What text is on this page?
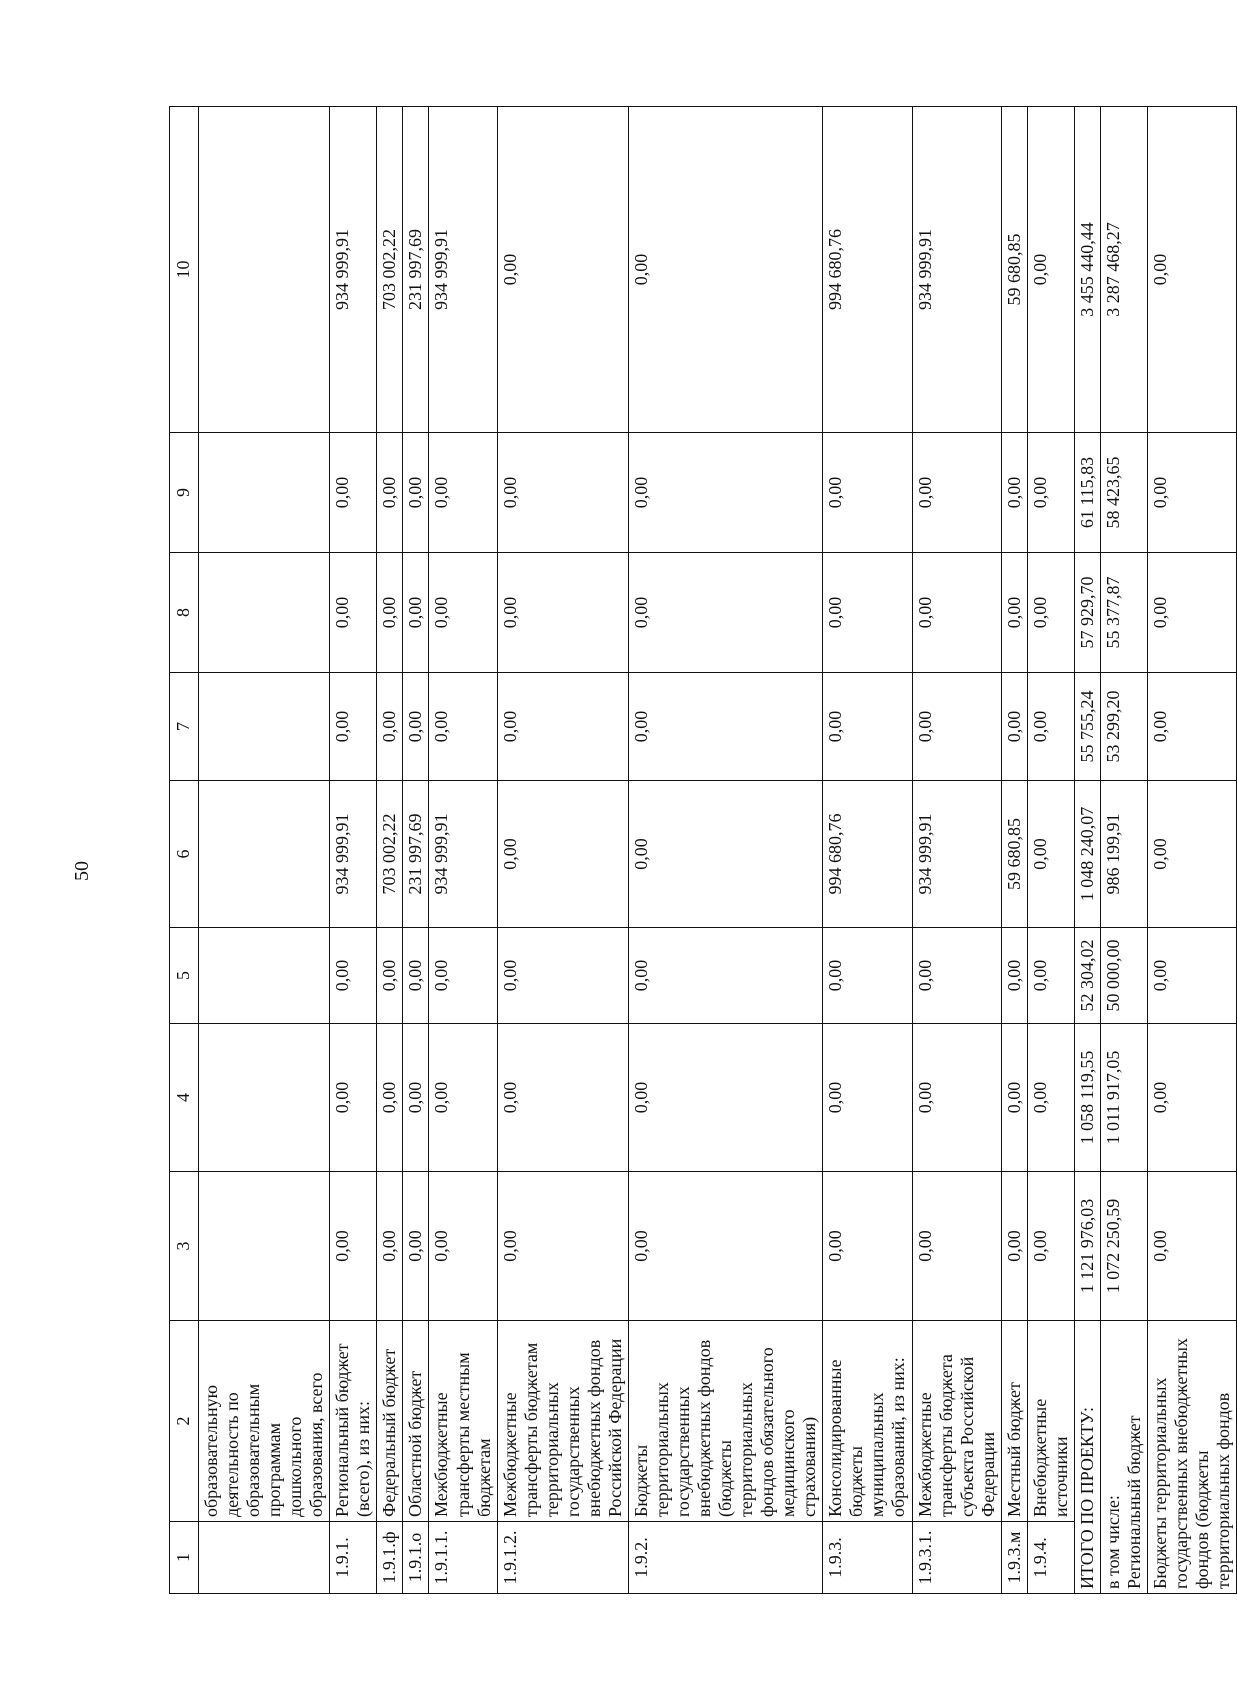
50
1	2	3	4	5	6	7	8	9	10
	образовательную деятельность по образовательным программам дошкольного образования, всего								
1.9.1.	Региональный бюджет (всего), из них:	0,00	0,00	0,00	934 999,91	0,00	0,00	0,00	934 999,91
1.9.1.ф	Федеральный бюджет	0,00	0,00	0,00	703 002,22	0,00	0,00	0,00	703 002,22
1.9.1.о	Областной бюджет	0,00	0,00	0,00	231 997,69	0,00	0,00	0,00	231 997,69
1.9.1.1.	Межбюджетные трансферты местным бюджетам	0,00	0,00	0,00	934 999,91	0,00	0,00	0,00	934 999,91
1.9.1.2.	Межбюджетные трансферты бюджетам территориальных государственных внебюджетных фондов Российской Федерации	0,00	0,00	0,00	0,00	0,00	0,00	0,00	0,00
1.9.2.	Бюджеты территориальных государственных внебюджетных фондов (бюджеты территориальных фондов обязательного медицинского страхования)	0,00	0,00	0,00	0,00	0,00	0,00	0,00	0,00
1.9.3.	Консолидированные бюджеты муниципальных образований, из них:	0,00	0,00	0,00	994 680,76	0,00	0,00	0,00	994 680,76
1.9.3.1.	Межбюджетные трансферты бюджета субъекта Российской Федерации	0,00	0,00	0,00	934 999,91	0,00	0,00	0,00	934 999,91
1.9.3.м	Местный бюджет	0,00	0,00	0,00	59 680,85	0,00	0,00	0,00	59 680,85
1.9.4.	Внебюджетные источники	0,00	0,00	0,00	0,00	0,00	0,00	0,00	0,00
ИТОГО ПО ПРОЕКТУ:		1 121 976,03	1 058 119,55	52 304,02	1 048 240,07	55 755,24	57 929,70	61 115,83	3 455 440,44
в том числе:
Региональный бюджет		1 072 250,59	1 011 917,05	50 000,00	986 199,91	53 299,20	55 377,87	58 423,65	3 287 468,27
Бюджеты территориальных государственных внебюджетных фондов (бюджеты территориальных фондов		0,00	0,00	0,00	0,00	0,00	0,00	0,00	0,00
